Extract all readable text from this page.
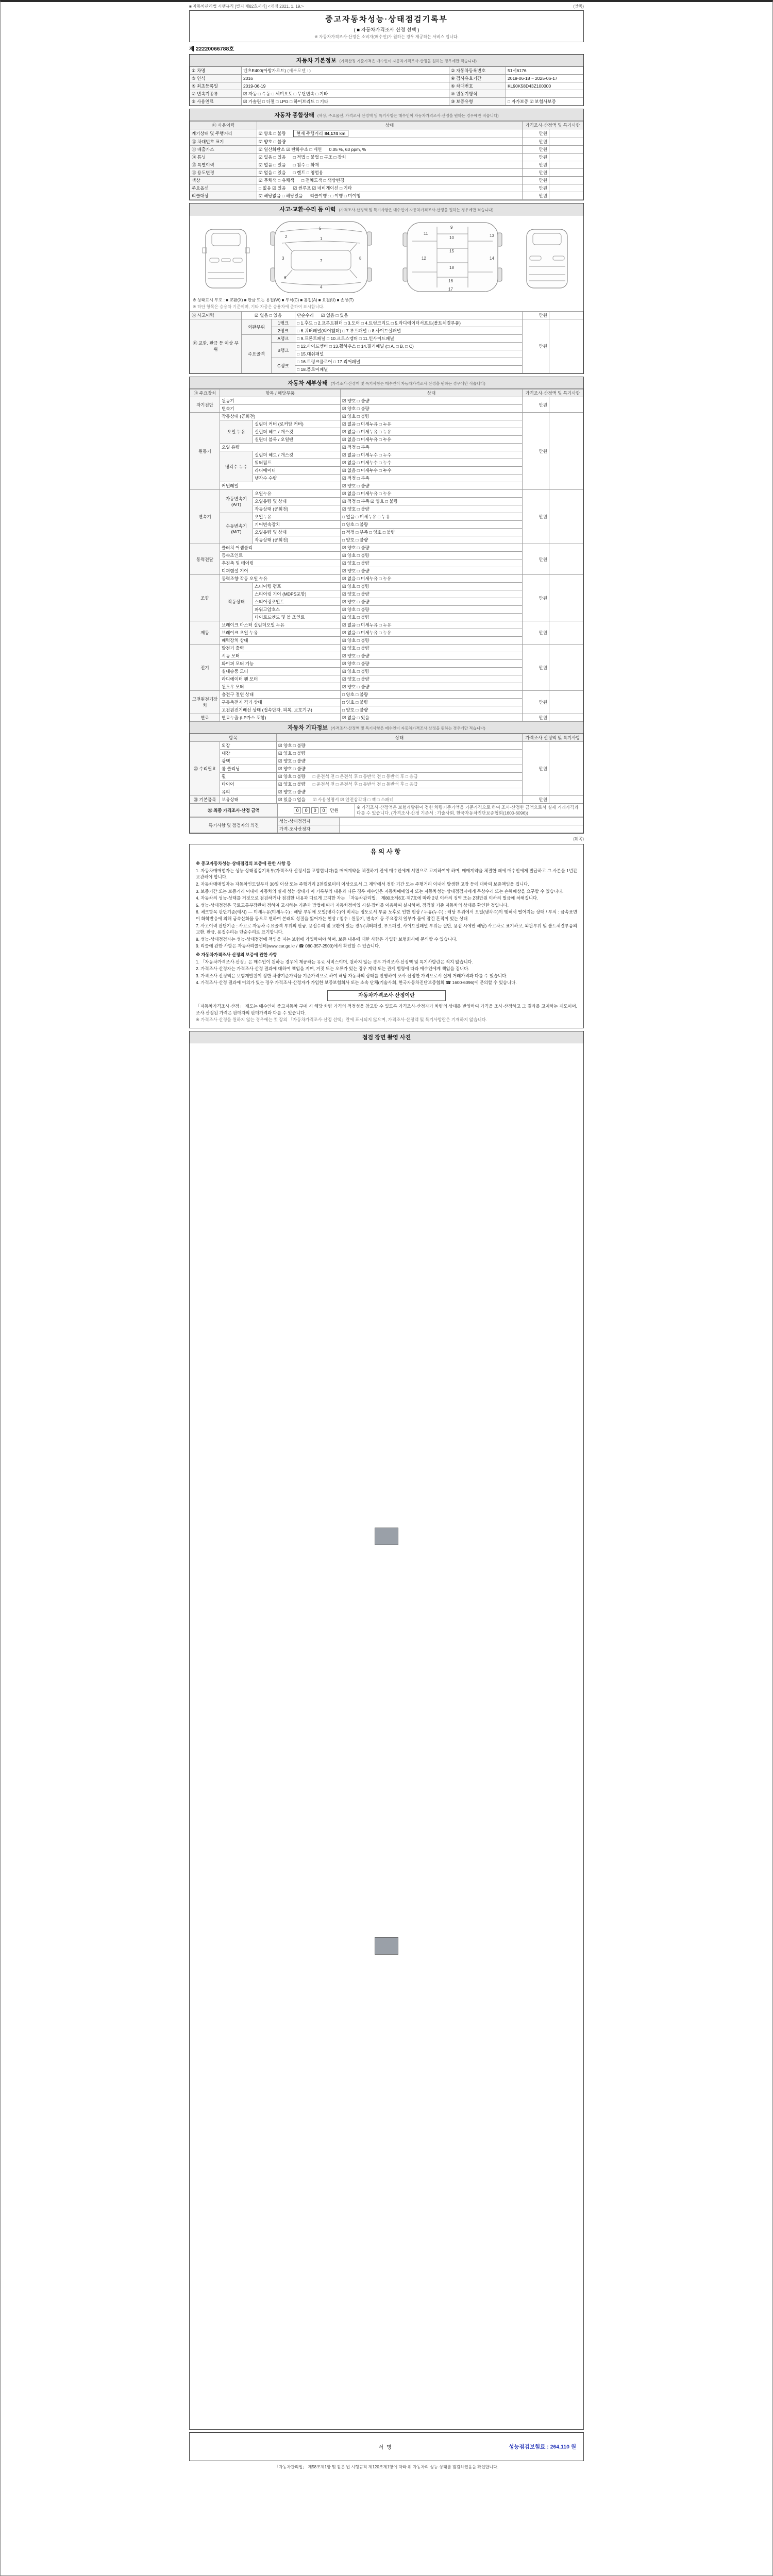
■ 자동차관리법 시행규칙 [별지 제82호서식] <개정 2021. 1. 19.>	(앞쪽)
중고자동차성능·상태점검기록부
( ■ 자동차가격조사·산정 선택 )
※ 자동차가격조사·산정은 소비자(매수인)가 원하는 경우 제공하는 서비스 입니다.
제 22220066788호
자동차 기본정보 (가격산정 기준가격은 매수인이 자동차가격조사·산정을 원하는 경우에만 적습니다)
① 차명	벤츠E400(아방가르드) (세부모델 : )	② 자동차등록번호	51서6176
③ 연식	2016	④ 검사유효기간	2019-06-18 ~ 2025-06-17
⑤ 최초등록일	2019-06-19	⑥ 차대번호	KL90K58D43Z100000
⑦ 변속기종류	☑ 자동 □ 수동 □ 세미오토 □ 무단변속 □ 기타	⑨ 원동기형식	
⑧ 사용연료	☑ 가솔린 □ 디젤 □ LPG □ 하이브리드 □ 기타	⑩ 보증유형	□ 자가보증 ☑ 보험사보증
자동차 종합상태 (색상, 주요옵션, 가격조사·산정액 및 특기사항은 매수인이 자동차가격조사·산정을 원하는 경우에만 적습니다)
⑪ 사용이력	상태	가격조사·산정액 및 특기사항	
계기상태 및 주행거리	☑ 양호 □ 불량 현재 주행거리 84,174 km	만원	
⑫ 차대번호 표기	☑ 양호 □ 불량	만원	
⑬ 배출가스	☑ 일산화탄소 ☑ 탄화수소 □ 매연 0.05 %, 63 ppm, %	만원	
⑭ 튜닝	☑ 없음 □ 있음 □ 적법 □ 불법 □ 구조 □ 장치	만원	
⑮ 특별이력	☑ 없음 □ 있음 □ 침수 □ 화재	만원	
⑯ 용도변경	☑ 없음 □ 있음 □ 렌트 □ 영업용	만원	
색상	☑ 무채색 □ 유채색 □ 전체도색 □ 색상변경	만원	
주요옵션	□ 없음 ☑ 있음 ☑ 썬루프 ☑ 네비게이션 □ 기타	만원	
리콜대상	☑ 해당없음 □ 해당있음 리콜이행 : □ 이행 □ 미이행	만원	
사고·교환·수리 등 이력 (가격조사·산정액 및 특기사항은 매수인이 자동차가격조사·산정을 원하는 경우에만 적습니다)
5
1
2
3
7
8
6
4
9
10
11	13
15
12	14
18
16
17
※ 상태표시 부호 : ■ 교환(X) ■ 판금 또는 용접(W) ■ 부식(C) ■ 흠집(A) ■ 요철(U) ■ 손상(T)
※ 하단 항목은 승용차 기준이며, 기타 차종은 승용차에 준하여 표시합니다.
⑰ 사고이력	☑ 없음 □ 있음		단순수리 ☑ 없음 □ 있음	만원	
⑱ 교환, 판금 등 이상 부위	외판부위	1랭크	□ 1.후드 □ 2.프론트휀더 □ 3.도어 □ 4.트렁크리드 □ 5.라디에이터서포트(볼트체결부품)	만원	
		2랭크	□ 6.쿼터패널(리어휀더) □ 7.루프패널 □ 8.사이드실패널		
	주요골격	A랭크	□ 9.프론트패널 □ 10.크로스멤버 □ 11.인사이드패널		
		B랭크	□ 12.사이드멤버 □ 13.휠하우스 □ 14.필러패널 (□ A, □ B, □ C)		
			□ 15.대쉬패널		
		C랭크	□ 16.트렁크플로어 □ 17.리어패널		
			□ 18.플로어패널		
자동차 세부상태 (가격조사·산정액 및 특기사항은 매수인이 자동차가격조사·산정을 원하는 경우에만 적습니다)
⑲ 주요장치	항목 / 해당부품		상태	가격조사·산정액 및 특기사항	
자기진단	원동기		☑ 양호 □ 불량	만원	
	변속기		☑ 양호 □ 불량		
원동기	작동상태 (공회전)		☑ 양호 □ 불량	만원	
	오일 누유	실린더 커버 (로커암 커버)	☑ 없음 □ 미세누유 □ 누유		
		실린더 헤드 / 개스킷	☑ 없음 □ 미세누유 □ 누유		
		실린더 블록 / 오일팬	☑ 없음 □ 미세누유 □ 누유		
	오일 유량		☑ 적정 □ 부족		
	냉각수 누수	실린더 헤드 / 개스킷	☑ 없음 □ 미세누수 □ 누수		
		워터펌프	☑ 없음 □ 미세누수 □ 누수		
		라디에이터	☑ 없음 □ 미세누수 □ 누수		
		냉각수 수량	☑ 적정 □ 부족		
	커먼레일		☑ 양호 □ 불량		
변속기	자동변속기 (A/T)	오일누유	☑ 없음 □ 미세누유 □ 누유	만원	
		오일유량 및 상태	☑ 적정 □ 부족 ☑ 양호 □ 불량		
		작동상태 (공회전)	☑ 양호 □ 불량		
	수동변속기 (M/T)	오일누유	□ 없음 □ 미세누유 □ 누유		
		기어변속장치	□ 양호 □ 불량		
		오일유량 및 상태	□ 적정 □ 부족 □ 양호 □ 불량		
		작동상태 (공회전)	□ 양호 □ 불량		
동력전달	클러치 어셈블리		☑ 양호 □ 불량	만원	
	등속조인트		☑ 양호 □ 불량		
	추진축 및 베어링		☑ 양호 □ 불량		
	디퍼렌셜 기어		☑ 양호 □ 불량		
조향	동력조향 작동 오일 누유		☑ 없음 □ 미세누유 □ 누유	만원	
	작동상태	스티어링 펌프	☑ 양호 □ 불량		
		스티어링 기어 (MDPS포함)	☑ 양호 □ 불량		
		스티어링조인트	☑ 양호 □ 불량		
		파워고압호스	☑ 양호 □ 불량		
		타이로드엔드 및 볼 조인트	☑ 양호 □ 불량		
제동	브레이크 마스터 실린더오일 누유		☑ 없음 □ 미세누유 □ 누유	만원	
	브레이크 오일 누유		☑ 없음 □ 미세누유 □ 누유		
	배력장치 상태		☑ 양호 □ 불량		
전기	발전기 출력		☑ 양호 □ 불량	만원	
	시동 모터		☑ 양호 □ 불량		
	와이퍼 모터 기능		☑ 양호 □ 불량		
	실내송풍 모터		☑ 양호 □ 불량		
	라디에이터 팬 모터		☑ 양호 □ 불량		
	윈도우 모터		☑ 양호 □ 불량		
고전원전기장치	충전구 절연 상태		□ 양호 □ 불량	만원	
	구동축전지 격리 상태		□ 양호 □ 불량		
	고전원전기배선 상태 (접속단자, 피복, 보호기구)		□ 양호 □ 불량		
연료	연료누출 (LP가스 포함)		☑ 없음 □ 있음	만원	
자동차 기타정보 (가격조사·산정액 및 특기사항은 매수인이 자동차가격조사·산정을 원하는 경우에만 적습니다)
항목		상태	가격조사·산정액 및 특기사항	
⑳ 수리필요	외장	☑ 양호 □ 불량	만원	
	내장	☑ 양호 □ 불량		
	광택	☑ 양호 □ 불량		
	룸 클리닝	☑ 양호 □ 불량		
	휠	☑ 양호 □ 불량 □ 운전석 전 □ 운전석 후 □ 동반석 전 □ 동반석 후 □ 응급		
	타이어	☑ 양호 □ 불량 □ 운전석 전 □ 운전석 후 □ 동반석 전 □ 동반석 후 □ 응급		
	유리	☑ 양호 □ 불량		
㉑ 기본품목	보유상태	☑ 있음 □ 없음 ☑ 사용설명서 ☑ 안전삼각대 □ 잭 □ 스패너	만원	
㉒ 최종 가격조사·산정 금액	0 0 0 0 만원	※ 가격조사·산정액은 보험개발원이 정한 차량기준가액을 기준가격으로 하여 조사·산정한 금액으로서 실제 거래가격과 다를 수 있습니다. (가격조사·산정 기준서 : 기술사회, 한국자동차진단보증협회(1600-6096))
특기사항 및 점검자의 의견	성능·상태점검자	
	가격·조사산정자	
(뒤쪽)
유의사항
※ 중고자동차성능·상태점검의 보증에 관한 사항 등
1. 자동차매매업자는 성능·상태점검기록부(가격조사·산정서를 포함합니다)를 매매계약을 체결하기 전에 매수인에게 서면으로 고지하여야 하며, 매매계약을 체결한 때에 매수인에게 발급하고 그 사본을 1년간 보관해야 합니다.
2. 자동차매매업자는 자동차인도일부터 30일 이상 또는 주행거리 2천킬로미터 이상으로서 그 계약에서 정한 기간 또는 주행거리 이내에 발생한 고장 등에 대하여 보증책임을 집니다.
3. 보증기간 또는 보증거리 이내에 자동차의 실제 성능·상태가 이 기록부의 내용과 다른 경우 매수인은 자동차매매업자 또는 자동차성능·상태점검자에게 무상수리 또는 손해배상을 요구할 수 있습니다.
4. 자동차의 성능·상태를 거짓으로 점검하거나 점검한 내용과 다르게 고지한 자는 「자동차관리법」 제80조제6호·제7호에 따라 2년 이하의 징역 또는 2천만원 이하의 벌금에 처해집니다.
5. 성능·상태점검은 국토교통부장관이 정하여 고시하는 기준과 방법에 따라 자동차정비업 시설·장비를 이용하여 실시하며, 점검일 기준 자동차의 상태를 확인한 것입니다.
6. 체크항목 판단기준(예시) ― 미세누유(미세누수) : 해당 부위에 오일(냉각수)이 비치는 정도로서 부품 노후로 인한 현상 / 누유(누수) : 해당 부위에서 오일(냉각수)이 맺혀서 떨어지는 상태 / 부식 : 금속표면이 화학반응에 의해 금속산화물 등으로 변하여 본래의 성질을 잃어가는 현상 / 침수 : 원동기, 변속기 등 주요장치 일부가 물에 잠긴 흔적이 있는 상태
7. 사고이력 판단기준 : 사고로 자동차 주요골격 부위의 판금, 용접수리 및 교환이 있는 경우(쿼터패널, 루프패널, 사이드실패널 부위는 절단, 용접 시에만 해당) 사고차로 표기하고, 외판부위 및 볼트체결부품의 교환, 판금, 용접수리는 단순수리로 표기합니다.
8. 성능·상태점검자는 성능·상태점검에 책임을 지는 보험에 가입하여야 하며, 보증 내용에 대한 사항은 가입한 보험회사에 문의할 수 있습니다.
9. 리콜에 관한 사항은 자동차리콜센터(www.car.go.kr / ☎ 080-357-2500)에서 확인할 수 있습니다.
※ 자동차가격조사·산정의 보증에 관한 사항
1. 「자동차가격조사·산정」은 매수인이 원하는 경우에 제공하는 유료 서비스이며, 원하지 않는 경우 가격조사·산정액 및 특기사항란은 적지 않습니다.
2. 가격조사·산정자는 가격조사·산정 결과에 대하여 책임을 지며, 거짓 또는 오류가 있는 경우 계약 또는 관계 법령에 따라 매수인에게 책임을 집니다.
3. 가격조사·산정액은 보험개발원이 정한 차량기준가액을 기준가격으로 하여 해당 자동차의 상태를 반영하여 조사·산정한 가격으로서 실제 거래가격과 다를 수 있습니다.
4. 가격조사·산정 결과에 이의가 있는 경우 가격조사·산정자가 가입한 보증보험회사 또는 소속 단체(기술사회, 한국자동차진단보증협회 ☎ 1600-6096)에 문의할 수 있습니다.
자동차가격조사·산정이란
「자동차가격조사·산정」 제도는 매수인이 중고자동차 구매 시 해당 차량 가격의 적정성을 참고할 수 있도록 가격조사·산정자가 차량의 상태를 반영하여 가격을 조사·산정하고 그 결과를 고지하는 제도이며, 조사·산정된 가격은 판매자의 판매가격과 다를 수 있습니다.
※ 가격조사·산정을 원하지 않는 경우에는 첫 장의 「자동차가격조사·산정 선택」란에 표시되지 않으며, 가격조사·산정액 및 특기사항란은 기재하지 않습니다.
점검 장면 촬영 사진
서명	성능점검보험료 : 264,110 원
「자동차관리법」 제58조제1항 및 같은 법 시행규칙 제120조제1항에 따라 위 자동차의 성능·상태를 점검하였음을 확인합니다.
